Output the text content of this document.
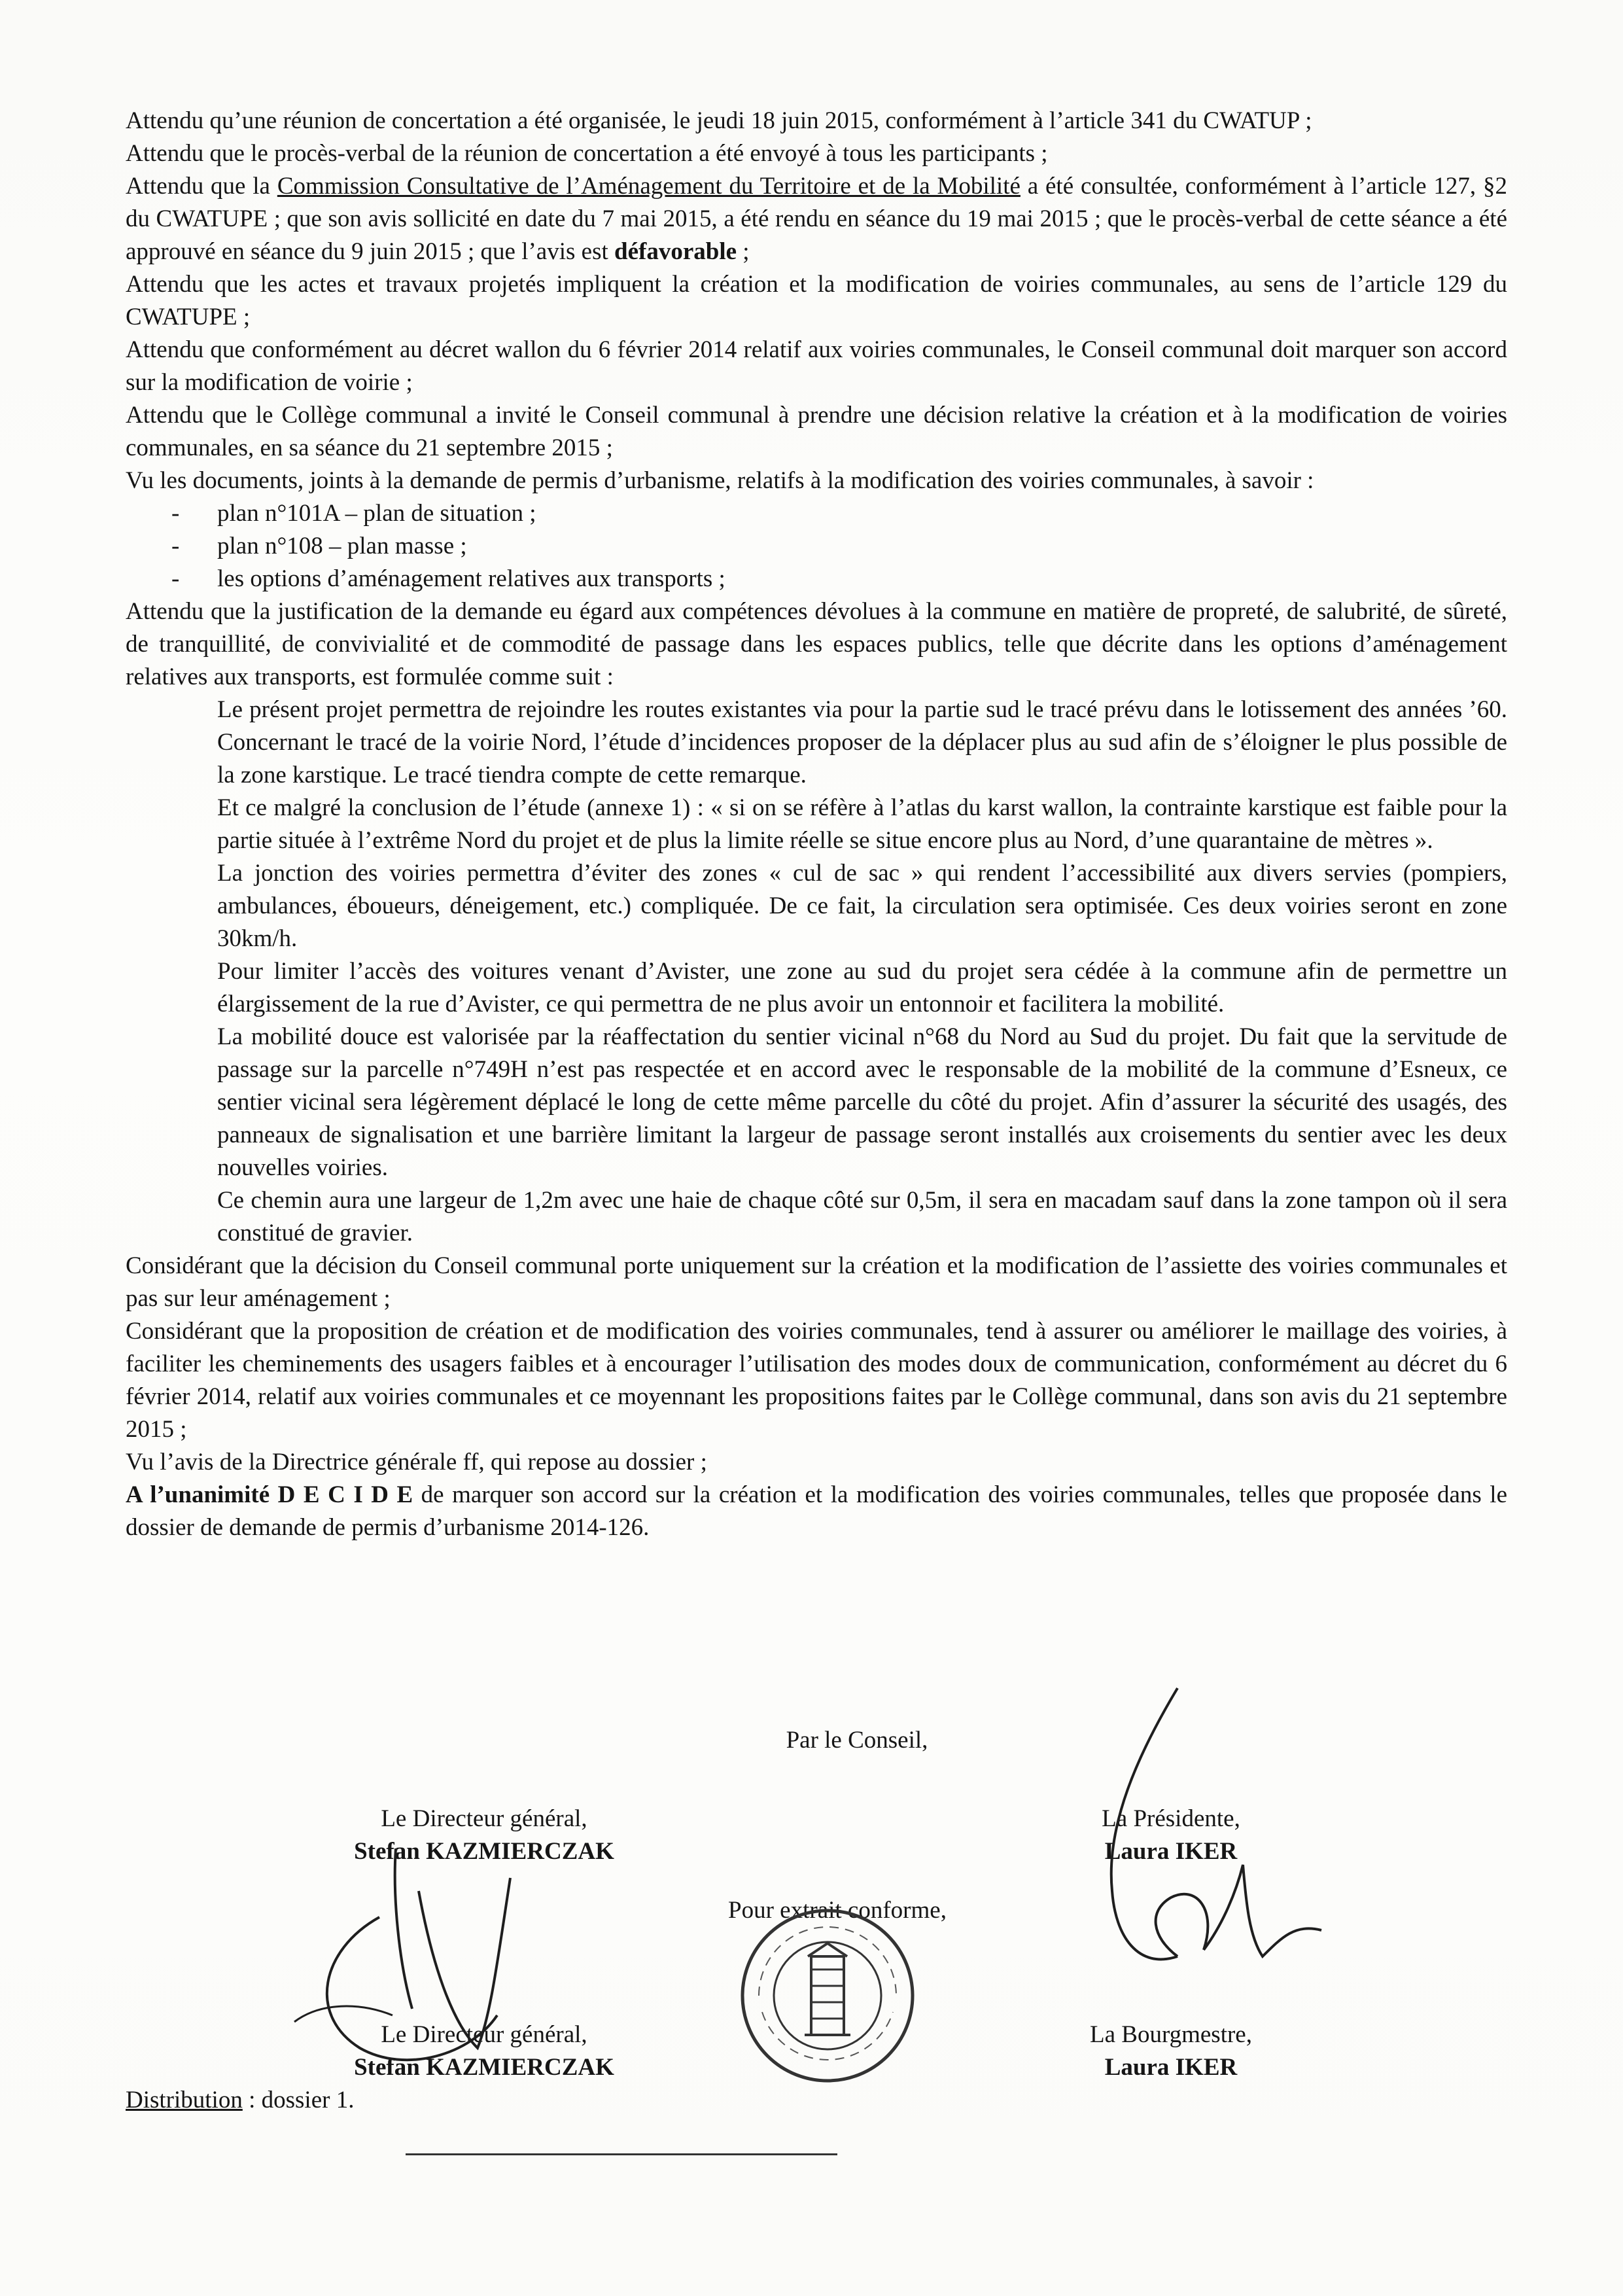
Attendu qu’une réunion de concertation a été organisée, le jeudi 18 juin 2015, conformément à l’article 341 du CWATUP ;

Attendu que le procès-verbal de la réunion de concertation a été envoyé à tous les participants ;

Attendu que la Commission Consultative de l’Aménagement du Territoire et de la Mobilité a été consultée, conformément à l’article 127, §2 du CWATUPE ; que son avis sollicité en date du 7 mai 2015, a été rendu en séance du 19 mai 2015 ; que le procès-verbal de cette séance a été approuvé en séance du 9 juin 2015 ; que l’avis est défavorable ;

Attendu que les actes et travaux projetés impliquent la création et la modification de voiries communales, au sens de l’article 129 du CWATUPE ;

Attendu que conformément au décret wallon du 6 février 2014 relatif aux voiries communales, le Conseil communal doit marquer son accord sur la modification de voirie ;

Attendu que le Collège communal a invité le Conseil communal à prendre une décision relative la création et à la modification de voiries communales, en sa séance du 21 septembre 2015 ;

Vu les documents, joints à la demande de permis d’urbanisme, relatifs à la modification des voiries communales, à savoir :

- plan n°101A – plan de situation ;
- plan n°108 – plan masse ;
- les options d’aménagement relatives aux transports ;

Attendu que la justification de la demande eu égard aux compétences dévolues à la commune en matière de propreté, de salubrité, de sûreté, de tranquillité, de convivialité et de commodité de passage dans les espaces publics, telle que décrite dans les options d’aménagement relatives aux transports, est formulée comme suit :

Le présent projet permettra de rejoindre les routes existantes via pour la partie sud le tracé prévu dans le lotissement des années ’60. Concernant le tracé de la voirie Nord, l’étude d’incidences proposer de la déplacer plus au sud afin de s’éloigner le plus possible de la zone karstique. Le tracé tiendra compte de cette remarque.

Et ce malgré la conclusion de l’étude (annexe 1) : « si on se réfère à l’atlas du karst wallon, la contrainte karstique est faible pour la partie située à l’extrême Nord du projet et de plus la limite réelle se situe encore plus au Nord, d’une quarantaine de mètres ».

La jonction des voiries permettra d’éviter des zones « cul de sac » qui rendent l’accessibilité aux divers servies (pompiers, ambulances, éboueurs, déneigement, etc.) compliquée. De ce fait, la circulation sera optimisée. Ces deux voiries seront en zone 30km/h.

Pour limiter l’accès des voitures venant d’Avister, une zone au sud du projet sera cédée à la commune afin de permettre un élargissement de la rue d’Avister, ce qui permettra de ne plus avoir un entonnoir et facilitera la mobilité.

La mobilité douce est valorisée par la réaffectation du sentier vicinal n°68 du Nord au Sud du projet. Du fait que la servitude de passage sur la parcelle n°749H n’est pas respectée et en accord avec le responsable de la mobilité de la commune d’Esneux, ce sentier vicinal sera légèrement déplacé le long de cette même parcelle du côté du projet. Afin d’assurer la sécurité des usagés, des panneaux de signalisation et une barrière limitant la largeur de passage seront installés aux croisements du sentier avec les deux nouvelles voiries.

Ce chemin aura une largeur de 1,2m avec une haie de chaque côté sur 0,5m, il sera en macadam sauf dans la zone tampon où il sera constitué de gravier.

Considérant que la décision du Conseil communal porte uniquement sur la création et la modification de l’assiette des voiries communales et pas sur leur aménagement ;

Considérant que la proposition de création et de modification des voiries communales, tend à assurer ou améliorer le maillage des voiries, à faciliter les cheminements des usagers faibles et à encourager l’utilisation des modes doux de communication, conformément au décret du 6 février 2014, relatif aux voiries communales et ce moyennant les propositions faites par le Collège communal, dans son avis du 21 septembre 2015 ;

Vu l’avis de la Directrice générale ff, qui repose au dossier ;

A l’unanimité D E C I D E de marquer son accord sur la création et la modification des voiries communales, telles que proposée dans le dossier de demande de permis d’urbanisme 2014-126.

Par le Conseil,
Le Directeur général,
Stefan KAZMIERCZAK
La Présidente,
Laura IKER
Pour extrait conforme,
Le Directeur général,
Stefan KAZMIERCZAK
La Bourgmestre,
Laura IKER
Distribution : dossier 1.
